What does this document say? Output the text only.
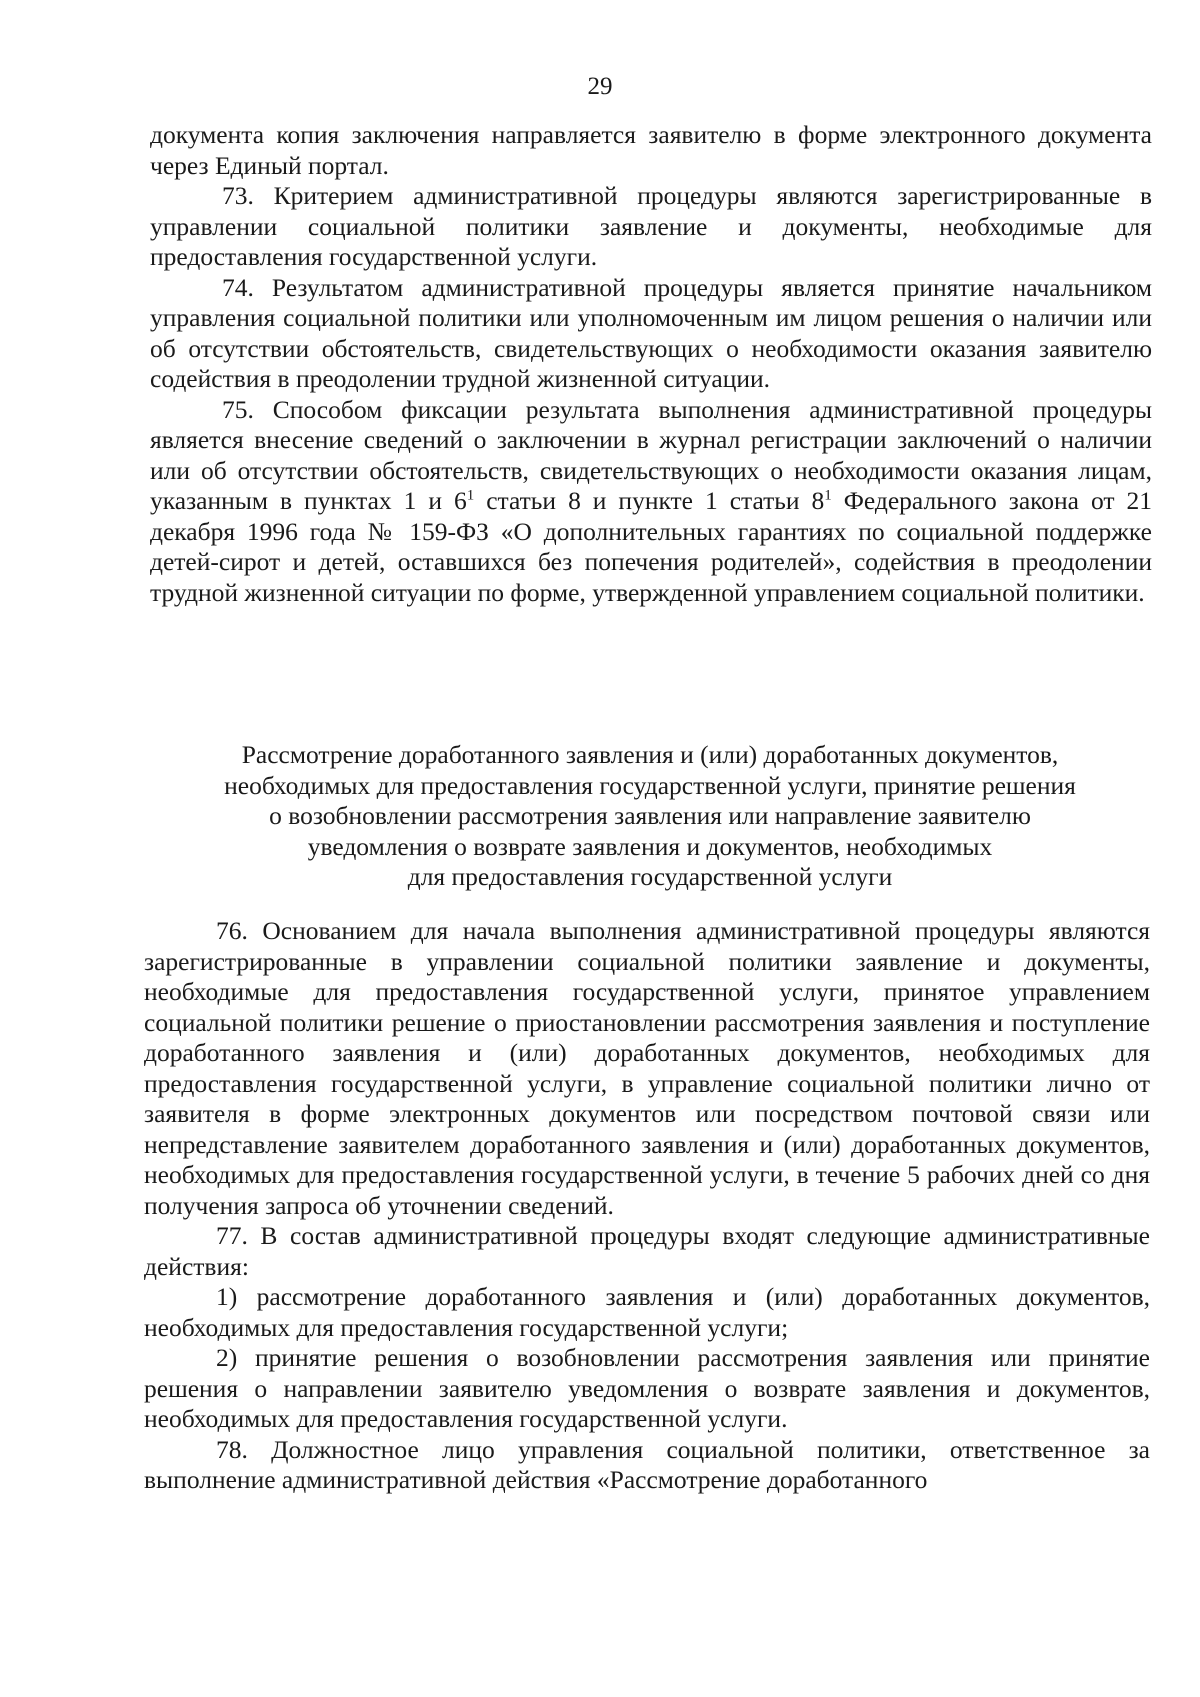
29

документа копия заключения направляется заявителю в форме электронного документа через Единый портал.

73. Критерием административной процедуры являются зарегистрированные в управлении социальной политики заявление и документы, необходимые для предоставления государственной услуги.

74. Результатом административной процедуры является принятие начальником управления социальной политики или уполномоченным им лицом решения о наличии или об отсутствии обстоятельств, свидетельствующих о необходимости оказания заявителю содействия в преодолении трудной жизненной ситуации.

75. Способом фиксации результата выполнения административной процедуры является внесение сведений о заключении в журнал регистрации заключений о наличии или об отсутствии обстоятельств, свидетельствующих о необходимости оказания лицам, указанным в пунктах 1 и $6^1$ статьи 8 и пункте 1 статьи $8^1$ Федерального закона от 21 декабря 1996 года № 159-ФЗ «О дополнительных гарантиях по социальной поддержке детей-сирот и детей, оставшихся без попечения родителей», содействия в преодолении трудной жизненной ситуации по форме, утвержденной управлением социальной политики.

Рассмотрение доработанного заявления и (или) доработанных документов,
необходимых для предоставления государственной услуги, принятие решения
о возобновлении рассмотрения заявления или направление заявителю
уведомления о возврате заявления и документов, необходимых
для предоставления государственной услуги

76. Основанием для начала выполнения административной процедуры являются зарегистрированные в управлении социальной политики заявление и документы, необходимые для предоставления государственной услуги, принятое управлением социальной политики решение о приостановлении рассмотрения заявления и поступление доработанного заявления и (или) доработанных документов, необходимых для предоставления государственной услуги, в управление социальной политики лично от заявителя в форме электронных документов или посредством почтовой связи или непредставление заявителем доработанного заявления и (или) доработанных документов, необходимых для предоставления государственной услуги, в течение 5 рабочих дней со дня получения запроса об уточнении сведений.

77. В состав административной процедуры входят следующие административные действия:

1) рассмотрение доработанного заявления и (или) доработанных документов, необходимых для предоставления государственной услуги;

2) принятие решения о возобновлении рассмотрения заявления или принятие решения о направлении заявителю уведомления о возврате заявления и документов, необходимых для предоставления государственной услуги.

78. Должностное лицо управления социальной политики, ответственное за выполнение административной действия «Рассмотрение доработанного
